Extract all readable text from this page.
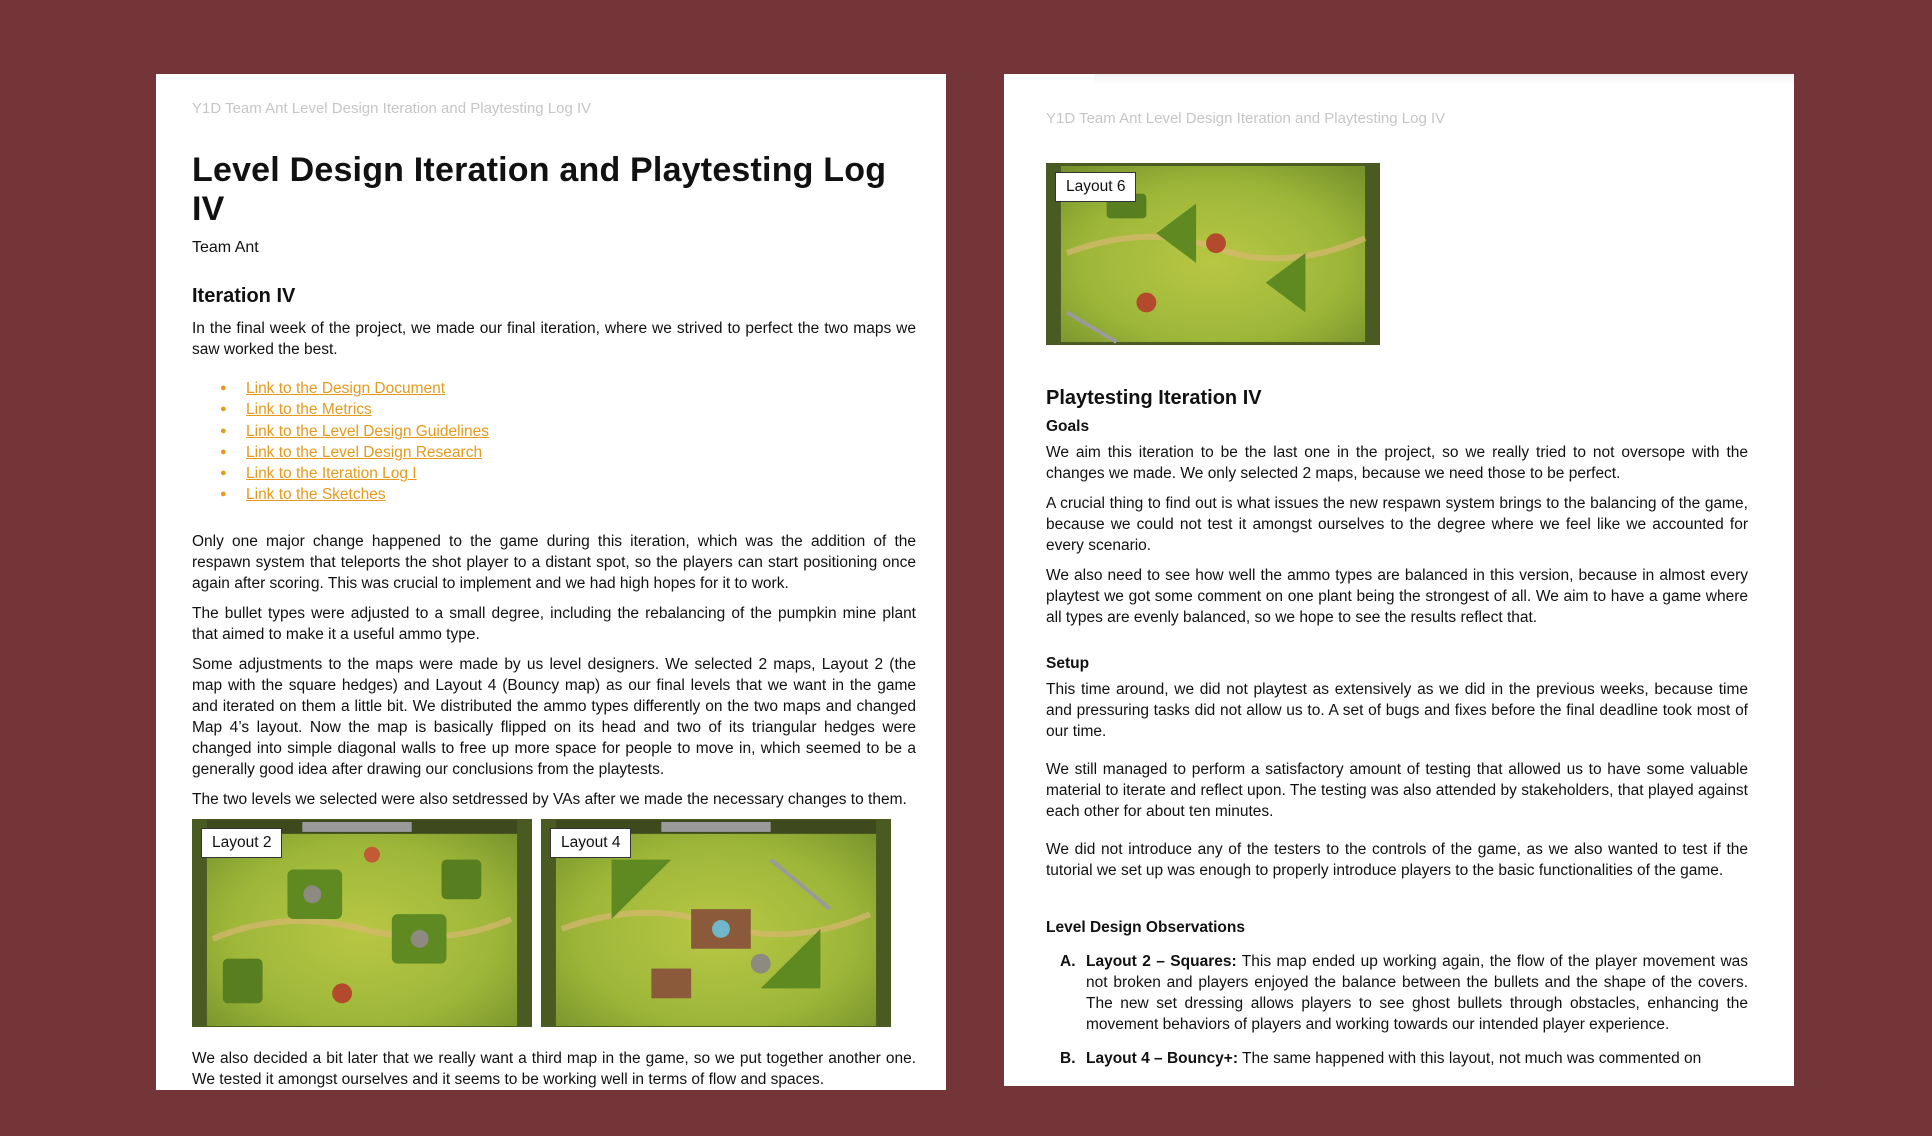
Y1D Team Ant Level Design Iteration and Playtesting Log IV
Level Design Iteration and Playtesting Log IV
Team Ant
Iteration IV

In the final week of the project, we made our final iteration, where we strived to perfect the two maps we saw worked the best.

● Link to the Design Document
● Link to the Metrics
● Link to the Level Design Guidelines
● Link to the Level Design Research
● Link to the Iteration Log I
● Link to the Sketches

Only one major change happened to the game during this iteration, which was the addition of the respawn system that teleports the shot player to a distant spot, so the players can start positioning once again after scoring. This was crucial to implement and we had high hopes for it to work.

The bullet types were adjusted to a small degree, including the rebalancing of the pumpkin mine plant that aimed to make it a useful ammo type.

Some adjustments to the maps were made by us level designers. We selected 2 maps, Layout 2 (the map with the square hedges) and Layout 4 (Bouncy map) as our final levels that we want in the game and iterated on them a little bit. We distributed the ammo types differently on the two maps and changed Map 4’s layout. Now the map is basically flipped on its head and two of its triangular hedges were changed into simple diagonal walls to free up more space for people to move in, which seemed to be a generally good idea after drawing our conclusions from the playtests.

The two levels we selected were also setdressed by VAs after we made the necessary changes to them.

Layout 2	Layout 4

We also decided a bit later that we really want a third map in the game, so we put together another one. We tested it amongst ourselves and it seems to be working well in terms of flow and spaces.

Y1D Team Ant Level Design Iteration and Playtesting Log IV
Layout 6
Playtesting Iteration IV
Goals

We aim this iteration to be the last one in the project, so we really tried to not oversope with the changes we made. We only selected 2 maps, because we need those to be perfect.

A crucial thing to find out is what issues the new respawn system brings to the balancing of the game, because we could not test it amongst ourselves to the degree where we feel like we accounted for every scenario.

We also need to see how well the ammo types are balanced in this version, because in almost every playtest we got some comment on one plant being the strongest of all. We aim to have a game where all types are evenly balanced, so we hope to see the results reflect that.

Setup

This time around, we did not playtest as extensively as we did in the previous weeks, because time and pressuring tasks did not allow us to. A set of bugs and fixes before the final deadline took most of our time.

We still managed to perform a satisfactory amount of testing that allowed us to have some valuable material to iterate and reflect upon. The testing was also attended by stakeholders, that played against each other for about ten minutes.

We did not introduce any of the testers to the controls of the game, as we also wanted to test if the tutorial we set up was enough to properly introduce players to the basic functionalities of the game.

Level Design Observations
A. Layout 2 – Squares: This map ended up working again, the flow of the player movement was not broken and players enjoyed the balance between the bullets and the shape of the covers. The new set dressing allows players to see ghost bullets through obstacles, enhancing the movement behaviors of players and working towards our intended player experience.
B. Layout 4 – Bouncy+: The same happened with this layout, not much was commented on
